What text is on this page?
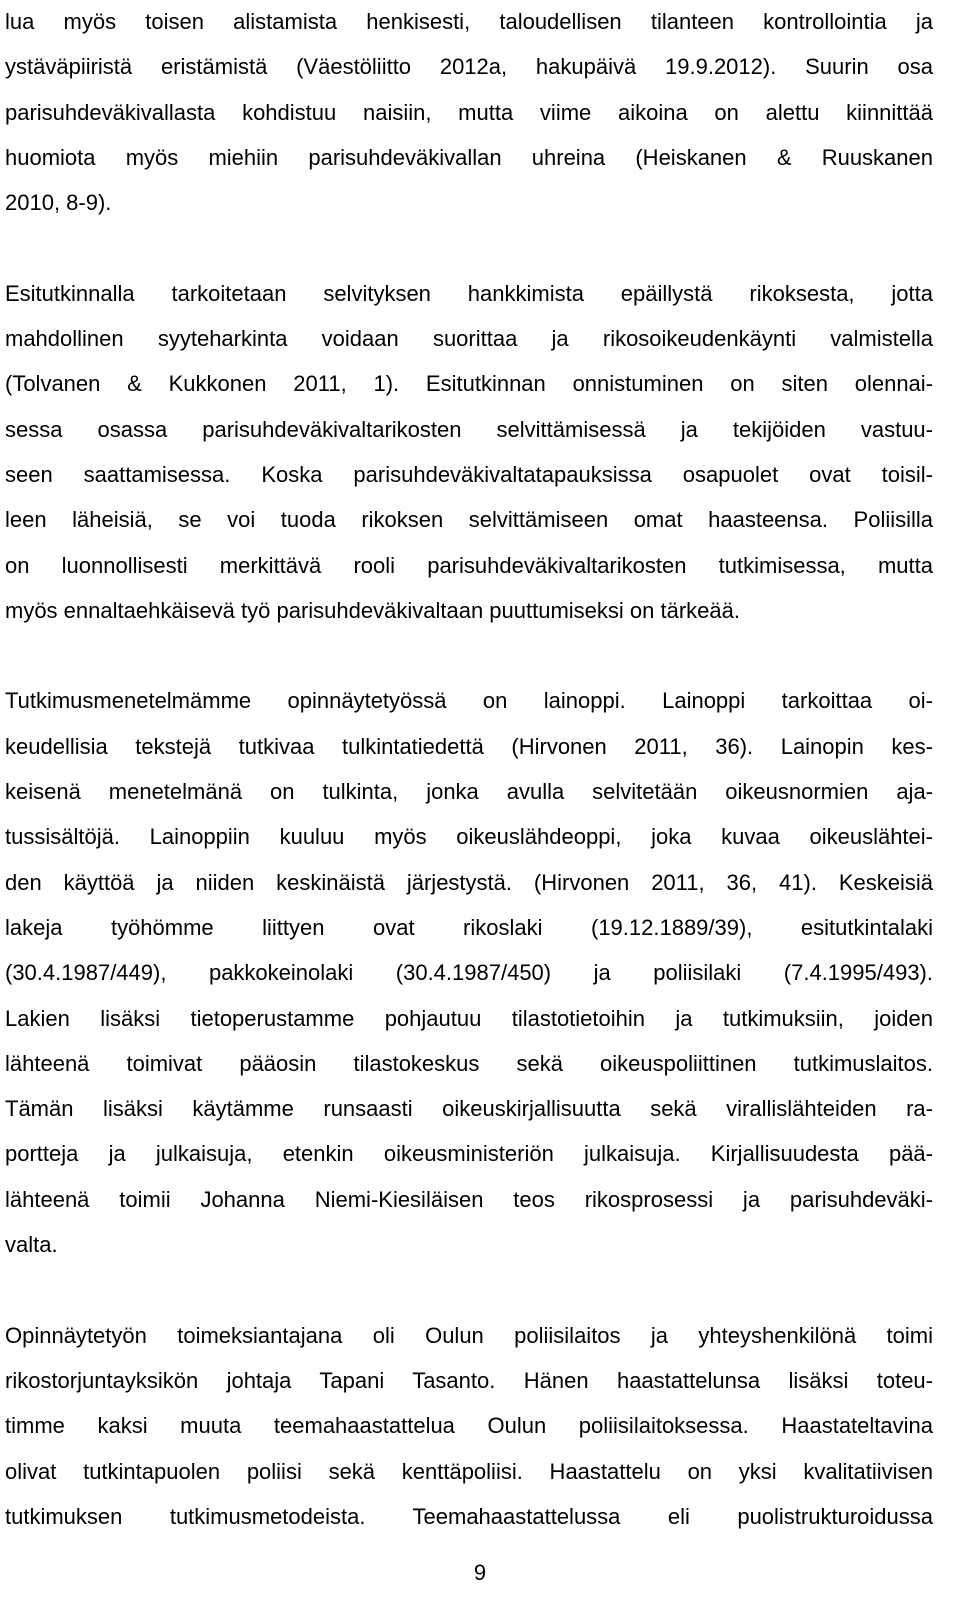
lua myös toisen alistamista henkisesti, taloudellisen tilanteen kontrollointia ja
ystäväpiiristä eristämistä (Väestöliitto 2012a, hakupäivä 19.9.2012). Suurin osa
parisuhdeväkivallasta kohdistuu naisiin, mutta viime aikoina on alettu kiinnittää
huomiota myös miehiin parisuhdeväkivallan uhreina (Heiskanen & Ruuskanen
2010, 8-9).
Esitutkinnalla tarkoitetaan selvityksen hankkimista epäillystä rikoksesta, jotta
mahdollinen syyteharkinta voidaan suorittaa ja rikosoikeudenkäynti valmistella
(Tolvanen & Kukkonen 2011, 1). Esitutkinnan onnistuminen on siten olennai-
sessa osassa parisuhdeväkivaltarikosten selvittämisessä ja tekijöiden vastuu-
seen saattamisessa. Koska parisuhdeväkivaltatapauksissa osapuolet ovat toisil-
leen läheisiä, se voi tuoda rikoksen selvittämiseen omat haasteensa. Poliisilla
on luonnollisesti merkittävä rooli parisuhdeväkivaltarikosten tutkimisessa, mutta
myös ennaltaehkäisevä työ parisuhdeväkivaltaan puuttumiseksi on tärkeää.
Tutkimusmenetelmämme opinnäytetyössä on lainoppi. Lainoppi tarkoittaa oi-
keudellisia tekstejä tutkivaa tulkintatiedettä (Hirvonen 2011, 36). Lainopin kes-
keisenä menetelmänä on tulkinta, jonka avulla selvitetään oikeusnormien aja-
tussisältöjä. Lainoppiin kuuluu myös oikeuslähdeoppi, joka kuvaa oikeuslähtei-
den käyttöä ja niiden keskinäistä järjestystä. (Hirvonen 2011, 36, 41). Keskeisiä
lakeja työhömme liittyen ovat rikoslaki (19.12.1889/39), esitutkintalaki
(30.4.1987/449), pakkokeinolaki (30.4.1987/450) ja poliisilaki (7.4.1995/493).
Lakien lisäksi tietoperustamme pohjautuu tilastotietoihin ja tutkimuksiin, joiden
lähteenä toimivat pääosin tilastokeskus sekä oikeuspoliittinen tutkimuslaitos.
Tämän lisäksi käytämme runsaasti oikeuskirjallisuutta sekä virallislähteiden ra-
portteja ja julkaisuja, etenkin oikeusministeriön julkaisuja. Kirjallisuudesta pää-
lähteenä toimii Johanna Niemi-Kiesiläisen teos rikosprosessi ja parisuhdeväki-
valta.
Opinnäytetyön toimeksiantajana oli Oulun poliisilaitos ja yhteyshenkilönä toimi
rikostorjuntayksikön johtaja Tapani Tasanto. Hänen haastattelunsa lisäksi toteu-
timme kaksi muuta teemahaastattelua Oulun poliisilaitoksessa. Haastateltavina
olivat tutkintapuolen poliisi sekä kenttäpoliisi. Haastattelu on yksi kvalitatiivisen
tutkimuksen tutkimusmetodeista. Teemahaastattelussa eli puolistrukturoidussa
9
